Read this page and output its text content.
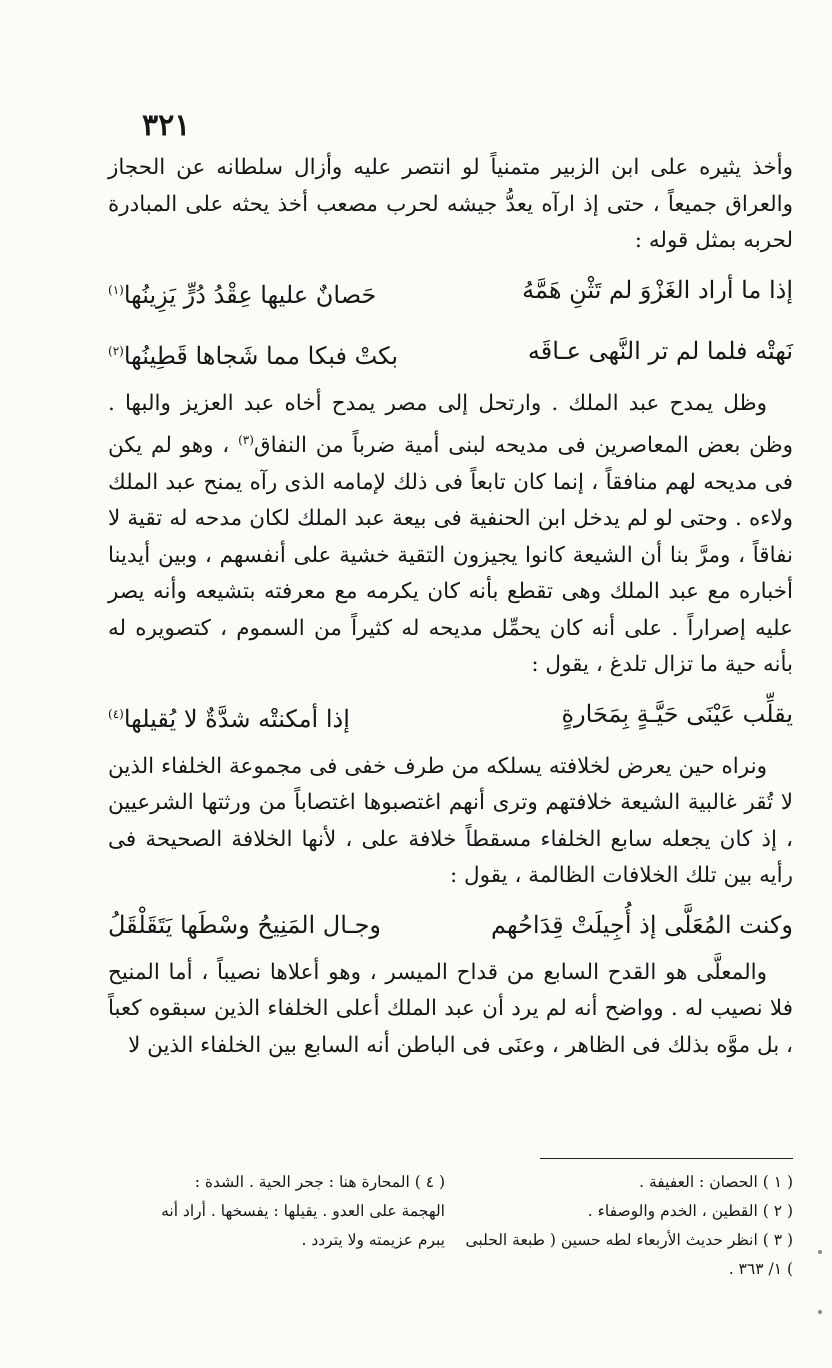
٣٢١

وأخذ يثيره على ابن الزبير متمنياً لو انتصر عليه وأزال سلطانه عن الحجاز والعراق جميعاً ، حتى إذ ارآه يعدُّ جيشه لحرب مصعب أخذ يحثه على المبادرة لحربه بمثل قوله :

إذا ما أراد الغَزْوَ لم تَثْنِ هَمَّهُ
حَصانٌ عليها عِقْدُ دُرٍّ يَزِينُها$^{(١)}$
نَهتْه فلما لم تر النَّهى عـاقَه
بكتْ فبكا مما شَجاها قَطِينُها$^{(٢)}$

وظل يمدح عبد الملك . وارتحل إلى مصر يمدح أخاه عبد العزيز والبها . وظن بعض المعاصرين فى مديحه لبنى أمية ضرباً من النفاق$^{(٣)}$ ، وهو لم يكن فى مديحه لهم منافقاً ، إنما كان تابعاً فى ذلك لإمامه الذى رآه يمنح عبد الملك ولاءه . وحتى لو لم يدخل ابن الحنفية فى بيعة عبد الملك لكان مدحه له تقية لا نفاقاً ، ومرَّ بنا أن الشيعة كانوا يجيزون التقية خشية على أنفسهم ، وبين أيدينا أخباره مع عبد الملك وهى تقطع بأنه كان يكرمه مع معرفته بتشيعه وأنه يصر عليه إصراراً . على أنه كان يحمِّل مديحه له كثيراً من السموم ، كتصويره له بأنه حية ما تزال تلدغ ، يقول :

يقلِّب عَيْنَى حَيَّـةٍ بِمَحَارةٍ
إذا أمكنتْه شدَّةٌ لا يُقيلها$^{(٤)}$

ونراه حين يعرض لخلافته يسلكه من طرف خفى فى مجموعة الخلفاء الذين لا تُقر غالبية الشيعة خلافتهم وترى أنهم اغتصبوها اغتصاباً من ورثتها الشرعيين ، إذ كان يجعله سابع الخلفاء مسقطاً خلافة على ، لأنها الخلافة الصحيحة فى رأيه بين تلك الخلافات الظالمة ، يقول :

وكنت المُعَلَّى إذ أُجِيلَتْ قِدَاحُهم
وجـال المَنِيحُ وسْطَها يَتَقَلْقَلُ

والمعلَّى هو القدح السابع من قداح الميسر ، وهو أعلاها نصيباً ، أما المنيح فلا نصيب له . وواضح أنه لم يرد أن عبد الملك أعلى الخلفاء الذين سبقوه كعباً ، بل موَّه بذلك فى الظاهر ، وعنَى فى الباطن أنه السابع بين الخلفاء الذين لا

( ١ ) الحصان : العفيفة .

( ٢ ) القطين ، الخدم والوصفاء .

( ٣ ) انظر حديث الأربعاء لطه حسين ( طبعة الحلبى ) ١/ ٣٦٣ .

( ٤ ) المحارة هنا : جحر الحية . الشدة :

الهجمة على العدو . يقيلها : يفسخها . أراد أنه

يبرم عزيمته ولا يتردد .
